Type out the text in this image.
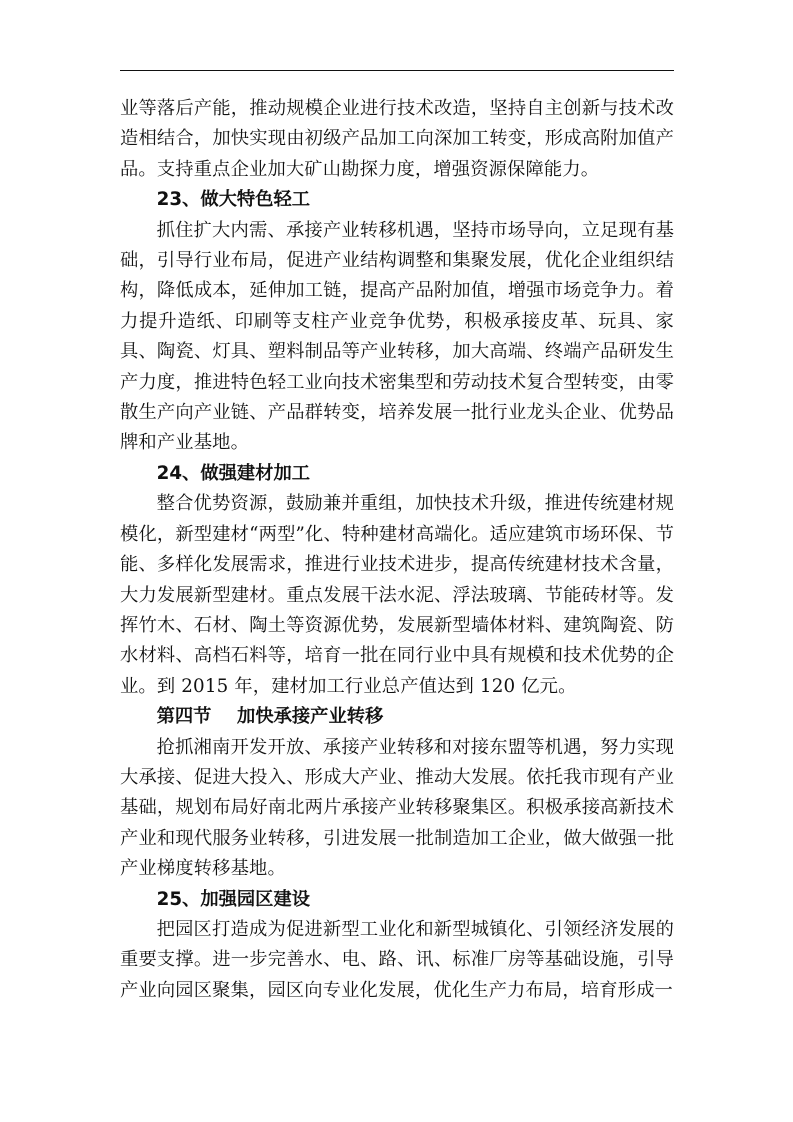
业等落后产能，推动规模企业进行技术改造，坚持自主创新与技术改造相结合，加快实现由初级产品加工向深加工转变，形成高附加值产品。支持重点企业加大矿山勘探力度，增强资源保障能力。

23、做大特色轻工

抓住扩大内需、承接产业转移机遇，坚持市场导向，立足现有基础，引导行业布局，促进产业结构调整和集聚发展，优化企业组织结构，降低成本，延伸加工链，提高产品附加值，增强市场竞争力。着力提升造纸、印刷等支柱产业竞争优势，积极承接皮革、玩具、家具、陶瓷、灯具、塑料制品等产业转移，加大高端、终端产品研发生产力度，推进特色轻工业向技术密集型和劳动技术复合型转变，由零散生产向产业链、产品群转变，培养发展一批行业龙头企业、优势品牌和产业基地。

24、做强建材加工

整合优势资源，鼓励兼并重组，加快技术升级，推进传统建材规模化，新型建材“两型”化、特种建材高端化。适应建筑市场环保、节能、多样化发展需求，推进行业技术进步，提高传统建材技术含量，大力发展新型建材。重点发展干法水泥、浮法玻璃、节能砖材等。发挥竹木、石材、陶土等资源优势，发展新型墙体材料、建筑陶瓷、防水材料、高档石料等，培育一批在同行业中具有规模和技术优势的企业。到 2015 年，建材加工行业总产值达到 120 亿元。

第四节 加快承接产业转移

抢抓湘南开发开放、承接产业转移和对接东盟等机遇，努力实现大承接、促进大投入、形成大产业、推动大发展。依托我市现有产业基础，规划布局好南北两片承接产业转移聚集区。积极承接高新技术产业和现代服务业转移，引进发展一批制造加工企业，做大做强一批产业梯度转移基地。

25、加强园区建设

把园区打造成为促进新型工业化和新型城镇化、引领经济发展的重要支撑。进一步完善水、电、路、讯、标准厂房等基础设施，引导产业向园区聚集，园区向专业化发展，优化生产力布局，培育形成一
